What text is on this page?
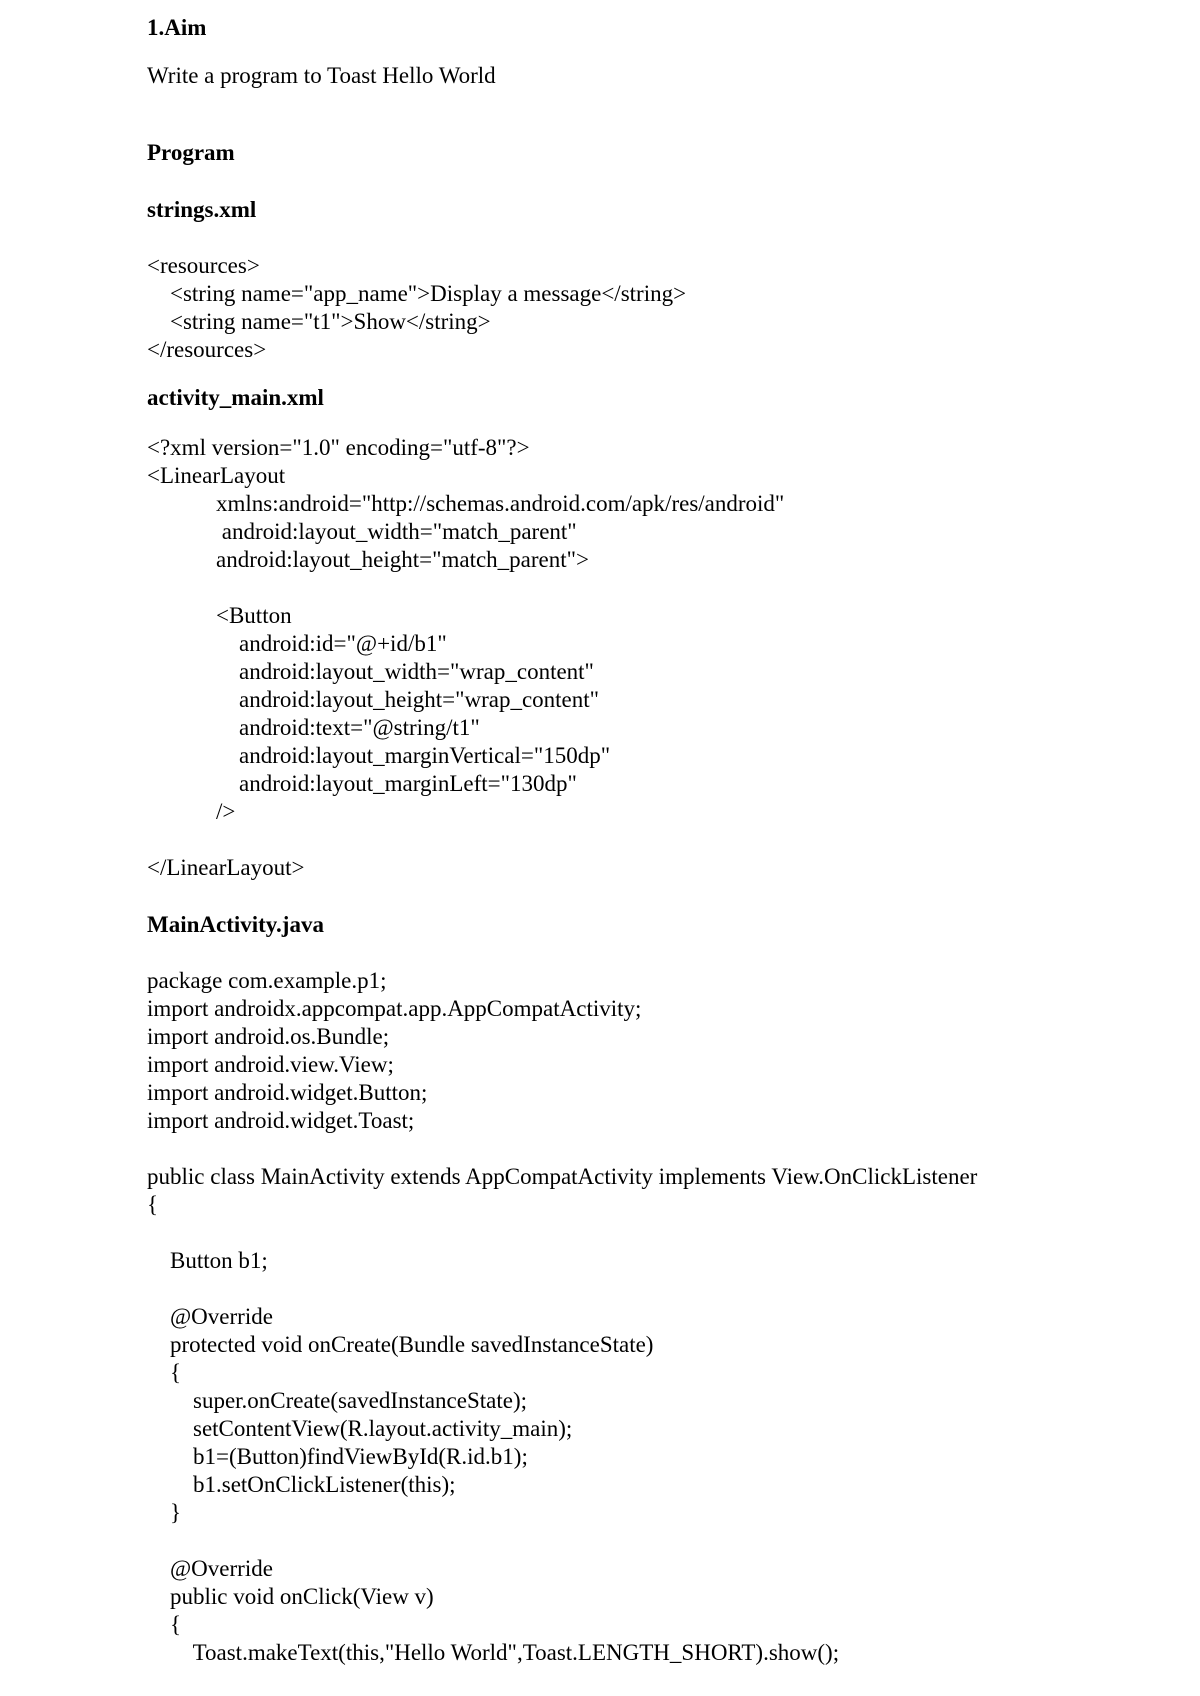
1.Aim

Write a program to Toast Hello World

Program

strings.xml

<resources>
<string name="app_name">Display a message</string>
<string name="t1">Show</string>
</resources>

activity_main.xml

<?xml version="1.0" encoding="utf-8"?>
<LinearLayout
xmlns:android="http://schemas.android.com/apk/res/android"
android:layout_width="match_parent"
android:layout_height="match_parent">
<Button
android:id="@+id/b1"
android:layout_width="wrap_content"
android:layout_height="wrap_content"
android:text="@string/t1"
android:layout_marginVertical="150dp"
android:layout_marginLeft="130dp"
/>
</LinearLayout>

MainActivity.java

package com.example.p1;
import androidx.appcompat.app.AppCompatActivity;
import android.os.Bundle;
import android.view.View;
import android.widget.Button;
import android.widget.Toast;
public class MainActivity extends AppCompatActivity implements View.OnClickListener
{
Button b1;
@Override
protected void onCreate(Bundle savedInstanceState)
{
super.onCreate(savedInstanceState);
setContentView(R.layout.activity_main);
b1=(Button)findViewById(R.id.b1);
b1.setOnClickListener(this);
}
@Override
public void onClick(View v)
{
Toast.makeText(this,"Hello World",Toast.LENGTH_SHORT).show();
